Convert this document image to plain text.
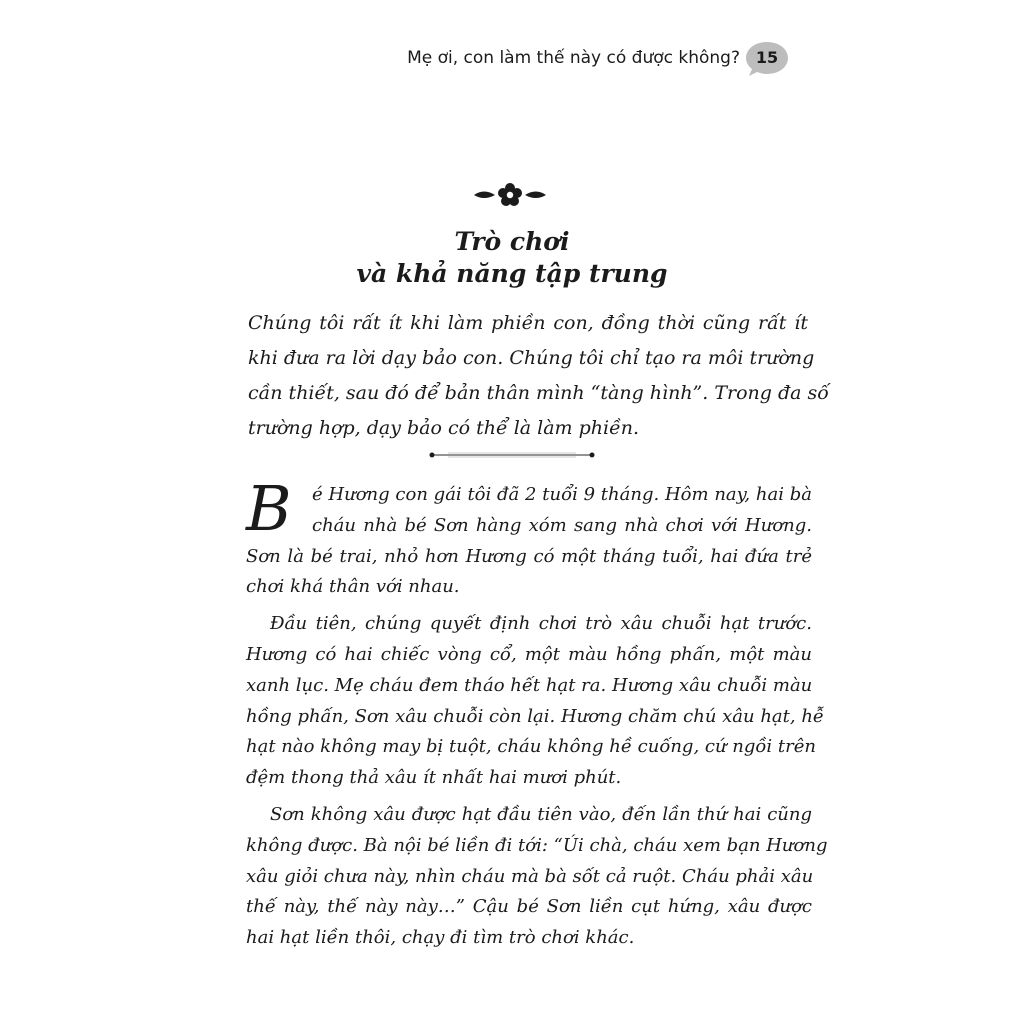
Mẹ ơi, con làm thế này có được không? 15
Trò chơi
và khả năng tập trung

Chúng tôi rất ít khi làm phiền con, đồng thời cũng rất ít
khi đưa ra lời dạy bảo con. Chúng tôi chỉ tạo ra môi trường
cần thiết, sau đó để bản thân mình “tàng hình”. Trong đa số
trường hợp, dạy bảo có thể là làm phiền.

B é Hương con gái tôi đã 2 tuổi 9 tháng. Hôm nay, hai bà
cháu nhà bé Sơn hàng xóm sang nhà chơi với Hương.
Sơn là bé trai, nhỏ hơn Hương có một tháng tuổi, hai đứa trẻ
chơi khá thân với nhau.
Đầu tiên, chúng quyết định chơi trò xâu chuỗi hạt trước.
Hương có hai chiếc vòng cổ, một màu hồng phấn, một màu
xanh lục. Mẹ cháu đem tháo hết hạt ra. Hương xâu chuỗi màu
hồng phấn, Sơn xâu chuỗi còn lại. Hương chăm chú xâu hạt, hễ
hạt nào không may bị tuột, cháu không hề cuống, cứ ngồi trên
đệm thong thả xâu ít nhất hai mươi phút.
Sơn không xâu được hạt đầu tiên vào, đến lần thứ hai cũng
không được. Bà nội bé liền đi tới: “Úi chà, cháu xem bạn Hương
xâu giỏi chưa này, nhìn cháu mà bà sốt cả ruột. Cháu phải xâu
thế này, thế này này…” Cậu bé Sơn liền cụt hứng, xâu được
hai hạt liền thôi, chạy đi tìm trò chơi khác.
